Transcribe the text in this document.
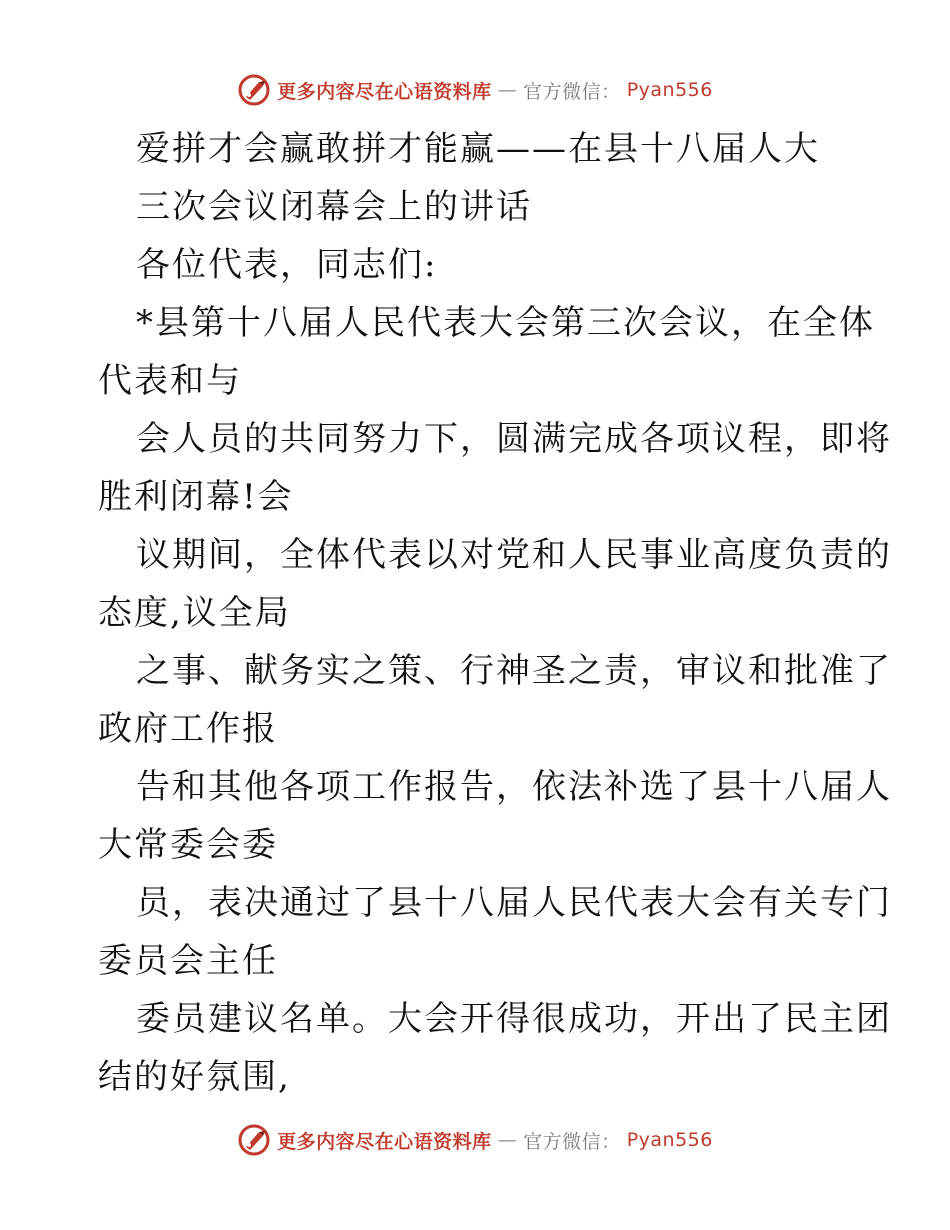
更多内容尽在心语资料库 — 官方微信： Pyan556
爱拼才会赢敢拼才能赢——在县十八届人大
三次会议闭幕会上的讲话
各位代表，同志们:
*县第十八届人民代表大会第三次会议，在全体
代表和与
会人员的共同努力下，圆满完成各项议程，即将
胜利闭幕!会
议期间，全体代表以对党和人民事业高度负责的
态度,议全局
之事、献务实之策、行神圣之责，审议和批准了
政府工作报
告和其他各项工作报告，依法补选了县十八届人
大常委会委
员，表决通过了县十八届人民代表大会有关专门
委员会主任
委员建议名单。大会开得很成功，开出了民主团
结的好氛围,
更多内容尽在心语资料库 — 官方微信： Pyan556
